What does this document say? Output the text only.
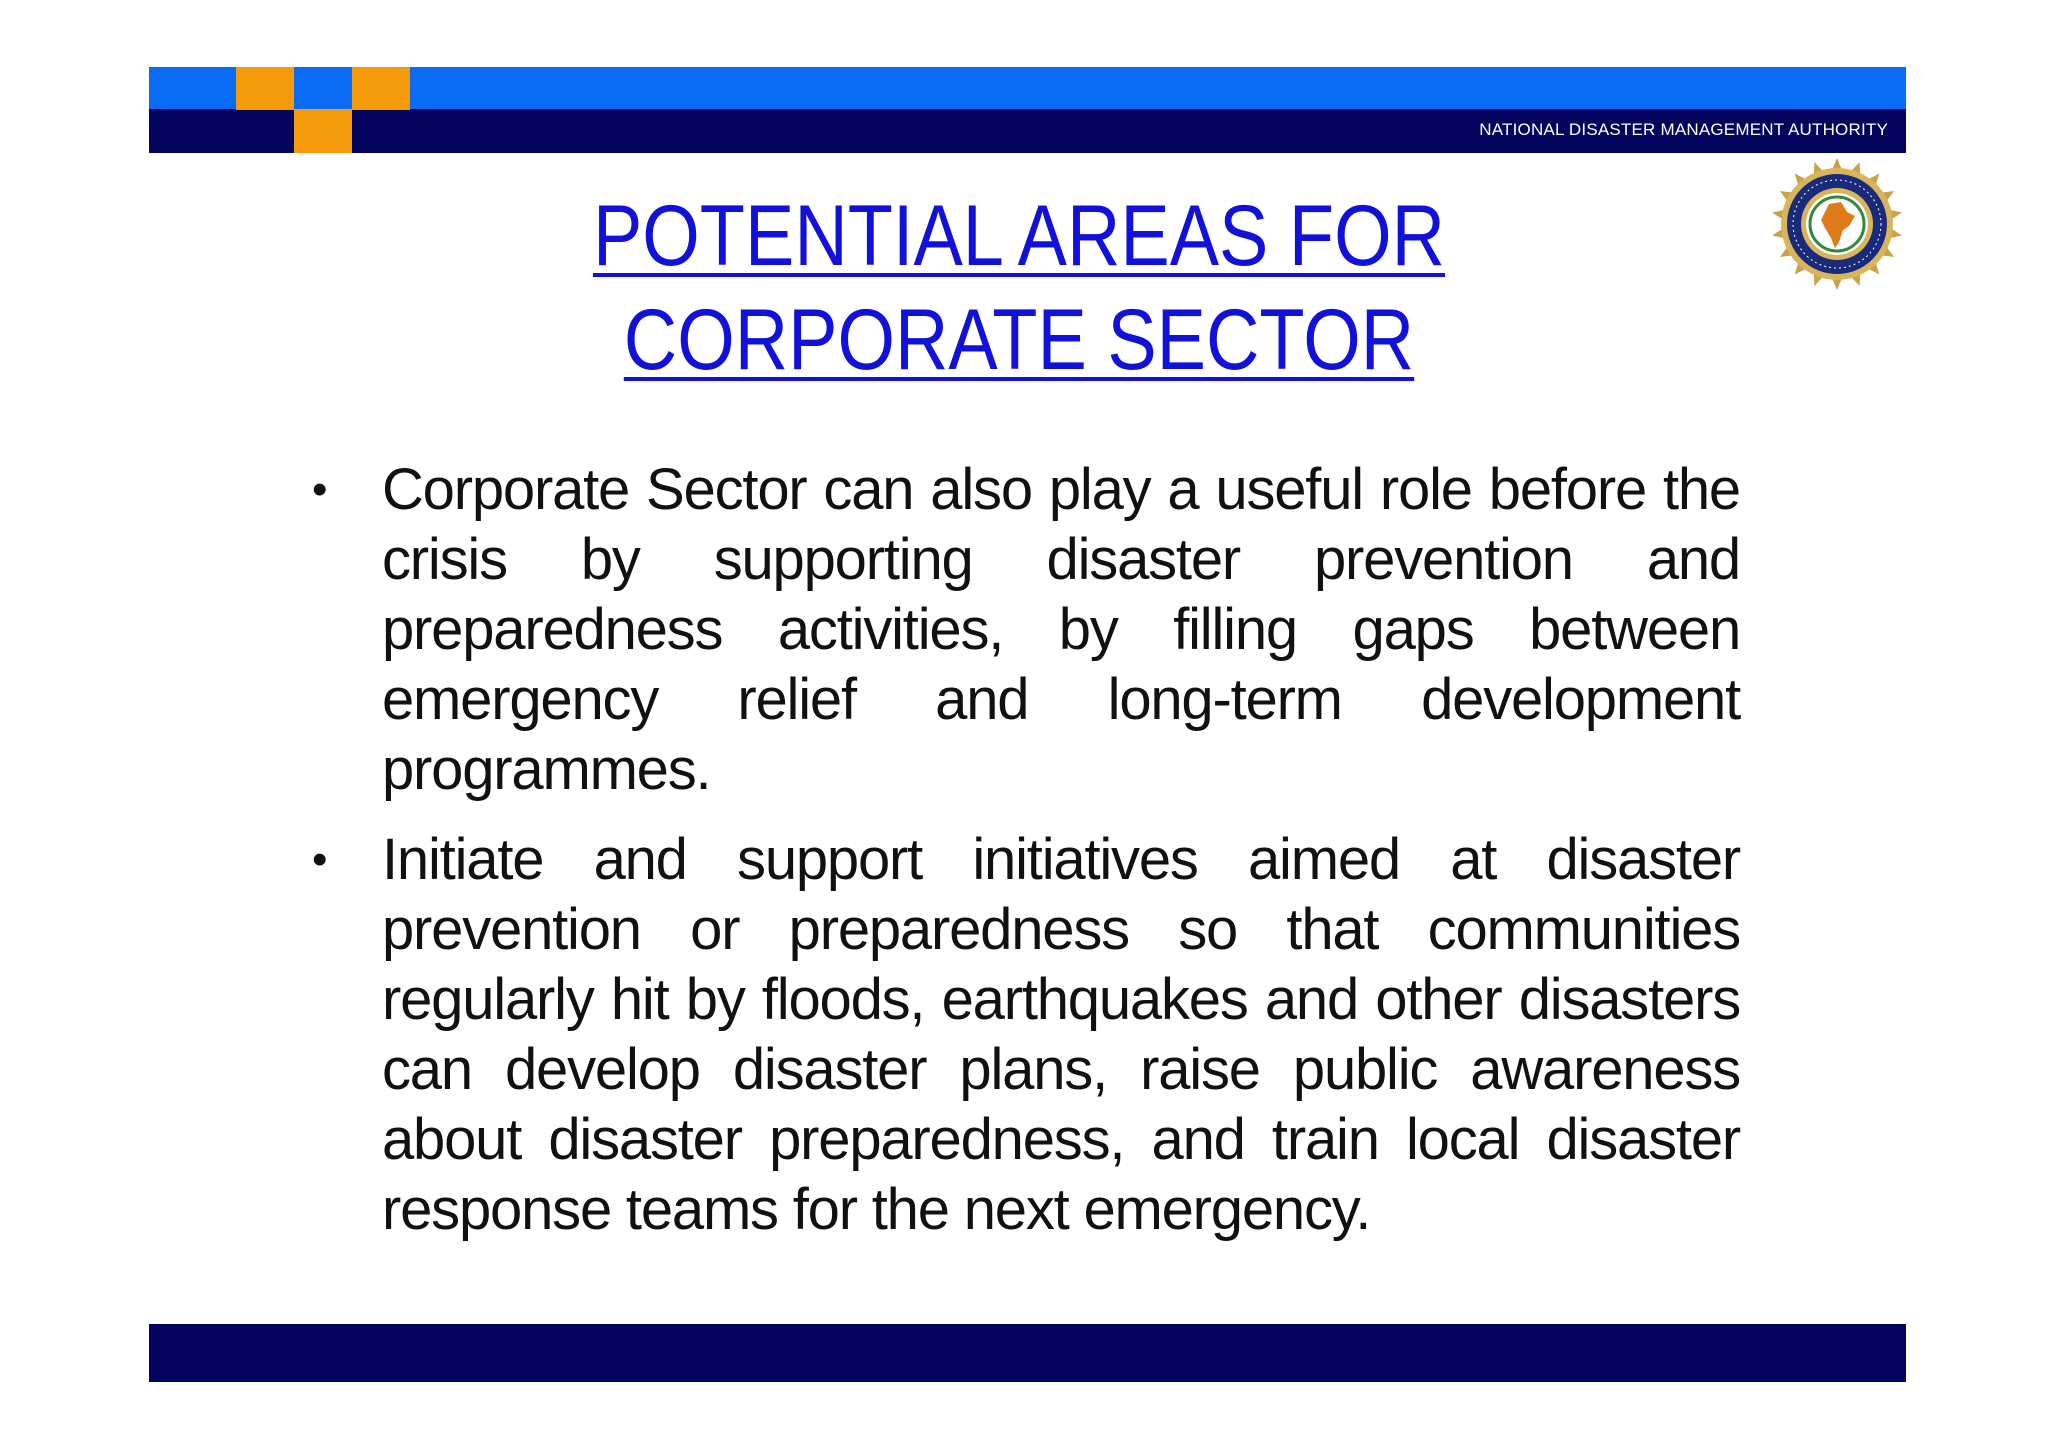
NATIONAL DISASTER MANAGEMENT AUTHORITY
POTENTIAL AREAS FOR
CORPORATE SECTOR
• Corporate Sector can also play a useful role before the crisis by supporting disaster prevention and preparedness activities, by filling gaps between emergency relief and long-term development programmes.
• Initiate and support initiatives aimed at disaster prevention or preparedness so that communities regularly hit by floods, earthquakes and other disasters can develop disaster plans, raise public awareness about disaster preparedness, and train local disaster response teams for the next emergency.
